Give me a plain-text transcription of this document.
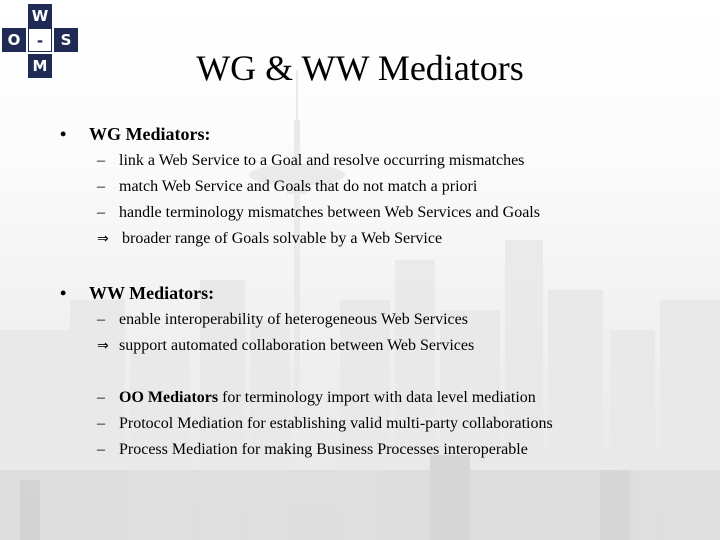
W
S
M
O	-
WG & WW Mediators
• WG Mediators:
– link a Web Service to a Goal and resolve occurring mismatches
– match Web Service and Goals that do not match a priori
– handle terminology mismatches between Web Services and Goals
⇒ broader range of Goals solvable by a Web Service
• WW Mediators:
– enable interoperability of heterogeneous Web Services
⇒ support automated collaboration between Web Services
– OO Mediators for terminology import with data level mediation
– Protocol Mediation for establishing valid multi-party collaborations
– Process Mediation for making Business Processes interoperable
